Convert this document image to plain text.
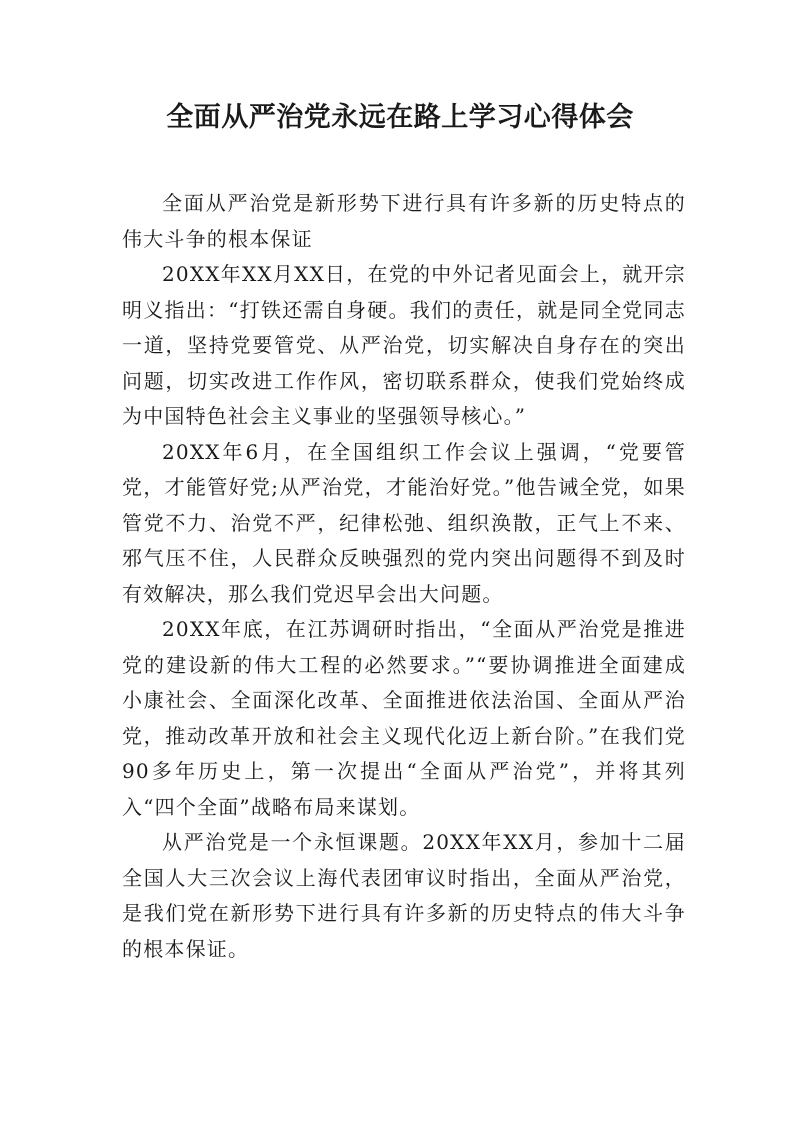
全面从严治党永远在路上学习心得体会

全面从严治党是新形势下进行具有许多新的历史特点的伟大斗争的根本保证

20XX年XX月XX日，在党的中外记者见面会上，就开宗明义指出：“打铁还需自身硬。我们的责任，就是同全党同志一道，坚持党要管党、从严治党，切实解决自身存在的突出问题，切实改进工作作风，密切联系群众，使我们党始终成为中国特色社会主义事业的坚强领导核心。”

20XX年6月，在全国组织工作会议上强调，“党要管党，才能管好党;从严治党，才能治好党。”他告诫全党，如果管党不力、治党不严，纪律松弛、组织涣散，正气上不来、邪气压不住，人民群众反映强烈的党内突出问题得不到及时有效解决，那么我们党迟早会出大问题。

20XX年底，在江苏调研时指出，“全面从严治党是推进党的建设新的伟大工程的必然要求。”“要协调推进全面建成小康社会、全面深化改革、全面推进依法治国、全面从严治党，推动改革开放和社会主义现代化迈上新台阶。”在我们党90多年历史上，第一次提出“全面从严治党”，并将其列入“四个全面”战略布局来谋划。

从严治党是一个永恒课题。20XX年XX月，参加十二届全国人大三次会议上海代表团审议时指出，全面从严治党，是我们党在新形势下进行具有许多新的历史特点的伟大斗争的根本保证。
